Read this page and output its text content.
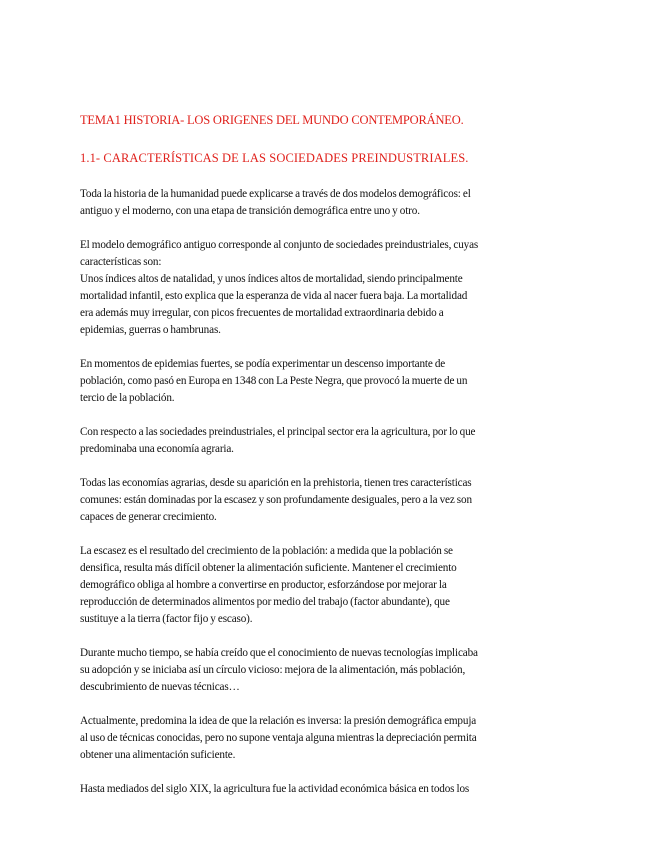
TEMA1 HISTORIA- LOS ORIGENES DEL MUNDO CONTEMPORÁNEO.
1.1- CARACTERÍSTICAS DE LAS SOCIEDADES PREINDUSTRIALES.

Toda la historia de la humanidad puede explicarse a través de dos modelos demográficos: el
antiguo y el moderno, con una etapa de transición demográfica entre uno y otro.

El modelo demográfico antiguo corresponde al conjunto de sociedades preindustriales, cuyas
características son:
Unos índices altos de natalidad, y unos índices altos de mortalidad, siendo principalmente
mortalidad infantil, esto explica que la esperanza de vida al nacer fuera baja. La mortalidad
era además muy irregular, con picos frecuentes de mortalidad extraordinaria debido a
epidemias, guerras o hambrunas.

En momentos de epidemias fuertes, se podía experimentar un descenso importante de
población, como pasó en Europa en 1348 con La Peste Negra, que provocó la muerte de un
tercio de la población.

Con respecto a las sociedades preindustriales, el principal sector era la agricultura, por lo que
predominaba una economía agraria.

Todas las economías agrarias, desde su aparición en la prehistoria, tienen tres características
comunes: están dominadas por la escasez y son profundamente desiguales, pero a la vez son
capaces de generar crecimiento.

La escasez es el resultado del crecimiento de la población: a medida que la población se
densifica, resulta más difícil obtener la alimentación suficiente. Mantener el crecimiento
demográfico obliga al hombre a convertirse en productor, esforzándose por mejorar la
reproducción de determinados alimentos por medio del trabajo (factor abundante), que
sustituye a la tierra (factor fijo y escaso).

Durante mucho tiempo, se había creído que el conocimiento de nuevas tecnologías implicaba
su adopción y se iniciaba así un círculo vicioso: mejora de la alimentación, más población,
descubrimiento de nuevas técnicas…

Actualmente, predomina la idea de que la relación es inversa: la presión demográfica empuja
al uso de técnicas conocidas, pero no supone ventaja alguna mientras la depreciación permita
obtener una alimentación suficiente.

Hasta mediados del siglo XIX, la agricultura fue la actividad económica básica en todos los
